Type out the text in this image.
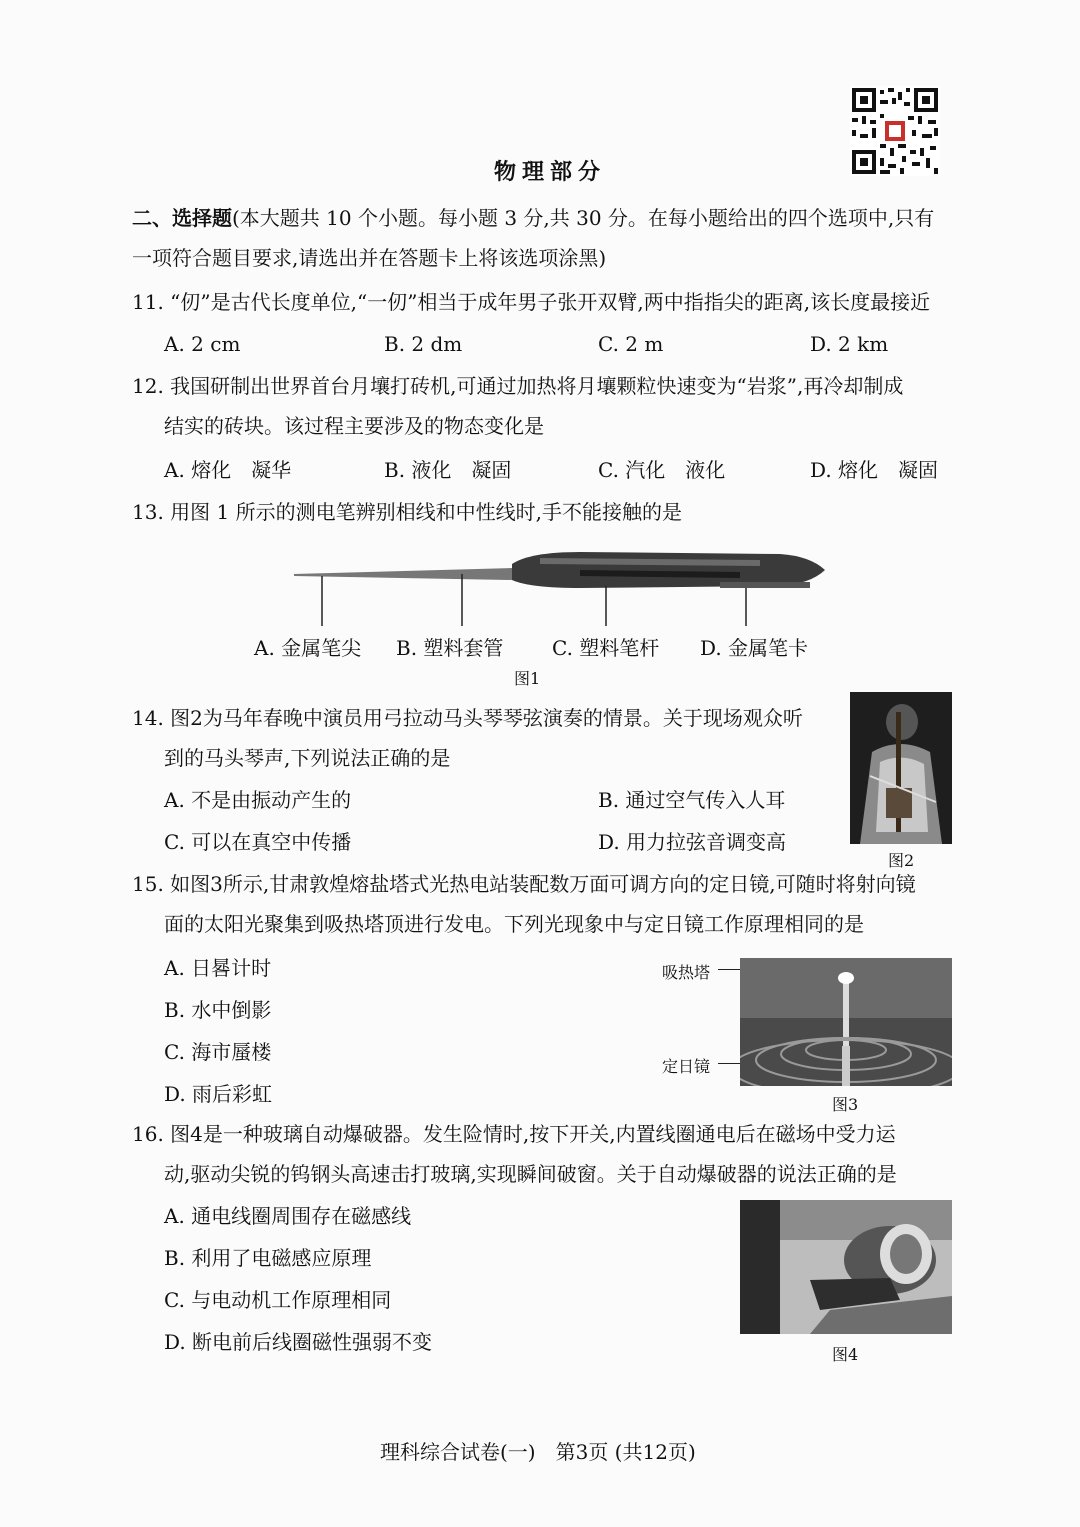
物理部分
二、选择题(本大题共 10 个小题。每小题 3 分,共 30 分。在每小题给出的四个选项中,只有
一项符合题目要求,请选出并在答题卡上将该选项涂黑)
11. “仞”是古代长度单位,“一仞”相当于成年男子张开双臂,两中指指尖的距离,该长度最接近
A. 2 cm	B. 2 dm	C. 2 m	D. 2 km
12. 我国研制出世界首台月壤打砖机,可通过加热将月壤颗粒快速变为“岩浆”,再冷却制成
结实的砖块。该过程主要涉及的物态变化是
A. 熔化　凝华	B. 液化　凝固	C. 汽化　液化	D. 熔化　凝固
13. 用图 1 所示的测电笔辨别相线和中性线时,手不能接触的是
A. 金属笔尖 B. 塑料套管 C. 塑料笔杆 D. 金属笔卡
图1
14. 图2为马年春晚中演员用弓拉动马头琴琴弦演奏的情景。关于现场观众听
到的马头琴声,下列说法正确的是
A. 不是由振动产生的	B. 通过空气传入人耳
C. 可以在真空中传播	D. 用力拉弦音调变高
图2
15. 如图3所示,甘肃敦煌熔盐塔式光热电站装配数万面可调方向的定日镜,可随时将射向镜
面的太阳光聚集到吸热塔顶进行发电。下列光现象中与定日镜工作原理相同的是
A. 日晷计时
B. 水中倒影
C. 海市蜃楼
D. 雨后彩虹
吸热塔
定日镜
图3
16. 图4是一种玻璃自动爆破器。发生险情时,按下开关,内置线圈通电后在磁场中受力运
动,驱动尖锐的钨钢头高速击打玻璃,实现瞬间破窗。关于自动爆破器的说法正确的是
A. 通电线圈周围存在磁感线
B. 利用了电磁感应原理
C. 与电动机工作原理相同
D. 断电前后线圈磁性强弱不变
图4
理科综合试卷(一)　第3页 (共12页)
